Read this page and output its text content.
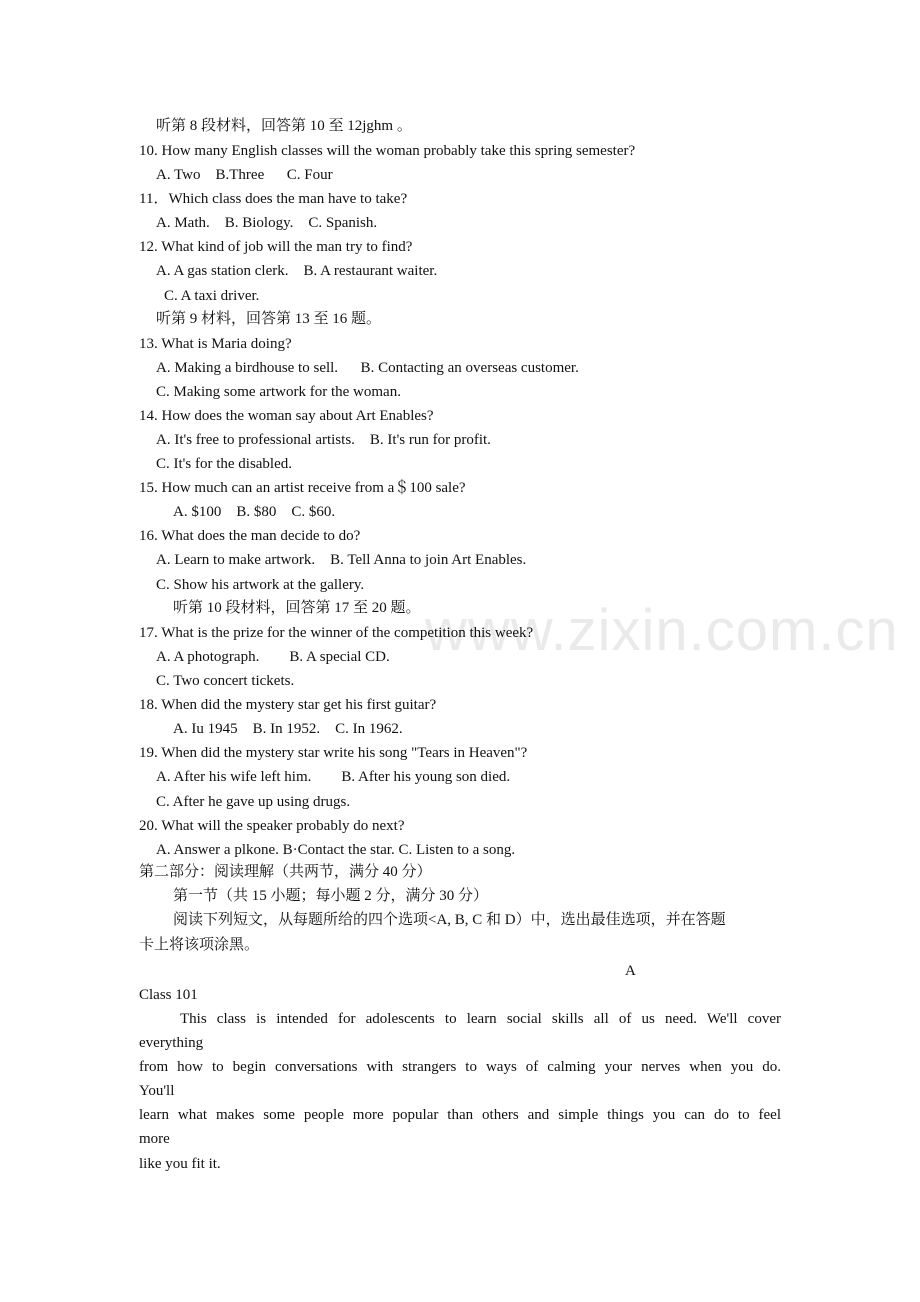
www.zixin.com.cn
听第 8 段材料，回答第 10 至 12jghm 。
10. How many English classes will the woman probably take this spring semester?
A. Two    B.Three      C. Four
11．Which class does the man have to take?
A. Math.    B. Biology.    C. Spanish.
12. What kind of job will the man try to find?
A. A gas station clerk.    B. A restaurant waiter.
C. A taxi driver.
听第 9 材料，回答第 13 至 16 题。
13. What is Maria doing?
A. Making a birdhouse to sell.      B. Contacting an overseas customer.
C. Making some artwork for the woman.
14. How does the woman say about Art Enables?
A. It's free to professional artists.    B. It's run for profit.
C. It's for the disabled.
15. How much can an artist receive from a＄100 sale?
A. $100    B. $80    C. $60.
16. What does the man decide to do?
A. Learn to make artwork.    B. Tell Anna to join Art Enables.
C. Show his artwork at the gallery.
听第 10 段材料，回答第 17 至 20 题。
17. What is the prize for the winner of the competition this week?
A. A photograph.        B. A special CD.
C. Two concert tickets.
18. When did the mystery star get his first guitar?
A. Iu 1945    B. In 1952.    C. In 1962.
19. When did the mystery star write his song "Tears in Heaven"?
A. After his wife left him.        B. After his young son died.
C. After he gave up using drugs.
20. What will the speaker probably do next?
A. Answer a plkone. B·Contact the star. C. Listen to a song.
第二部分：阅读理解（共两节，满分 40 分）
第一节（共 15 小题；每小题 2 分，满分 30 分）
阅读下列短文，从每题所给的四个选项<A, B, C 和 D）中，选出最佳选项，并在答题
卡上将该项涂黑。
A
Class 101
This class is intended for adolescents to learn social skills all of us need. We'll cover
everything
from how to begin conversations with strangers to ways of calming your nerves when you do.
You'll
learn what makes some people more popular than others and simple things you can do to feel
more
like you fit it.
